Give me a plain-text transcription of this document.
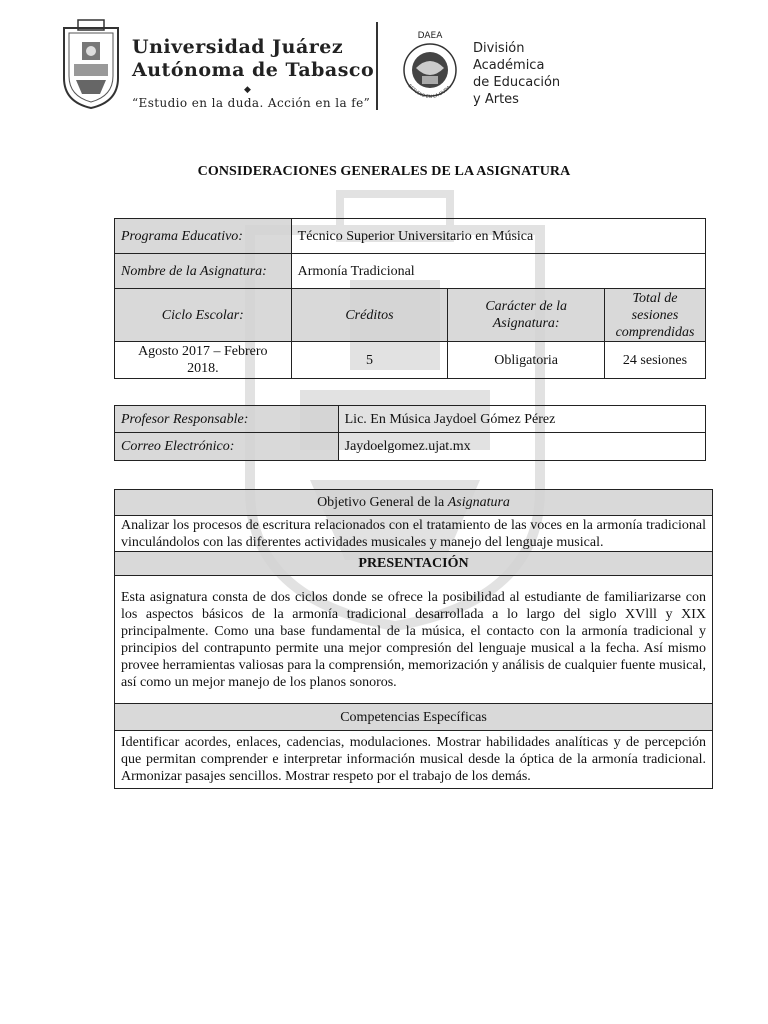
Universidad Juárez
Autónoma de Tabasco
◆
“Estudio en la duda. Acción en la fe”
DAEA
ESTUDIO EN LA DUDA.
División
Académica
de Educación
y Artes
CONSIDERACIONES GENERALES DE LA ASIGNATURA
Programa Educativo:	Técnico Superior Universitario en Música		
Nombre de la Asignatura:	Armonía Tradicional		
Ciclo Escolar:	Créditos	Carácter de la Asignatura:	Total de sesiones comprendidas
Agosto 2017 – Febrero 2018.	5	Obligatoria	24 sesiones
Profesor Responsable:	Lic. En Música Jaydoel Gómez Pérez
Correo Electrónico:	Jaydoelgomez.ujat.mx
Objetivo General de la Asignatura
Analizar los procesos de escritura relacionados con el tratamiento de las voces en la armonía tradicional vinculándolos con las diferentes actividades musicales y manejo del lenguaje musical.
PRESENTACIÓN
Esta asignatura consta de dos ciclos donde se ofrece la posibilidad al estudiante de familiarizarse con los aspectos básicos de la armonía tradicional desarrollada a lo largo del siglo XVlll y XIX principalmente. Como una base fundamental de la música, el contacto con la armonía tradicional y principios del contrapunto permite una mejor compresión del lenguaje musical a la fecha. Así mismo provee herramientas valiosas para la comprensión, memorización y análisis de cualquier fuente musical, así como un mejor manejo de los planos sonoros.
Competencias Específicas
Identificar acordes, enlaces, cadencias, modulaciones. Mostrar habilidades analíticas y de percepción que permitan comprender e interpretar información musical desde la óptica de la armonía tradicional. Armonizar pasajes sencillos. Mostrar respeto por el trabajo de los demás.
